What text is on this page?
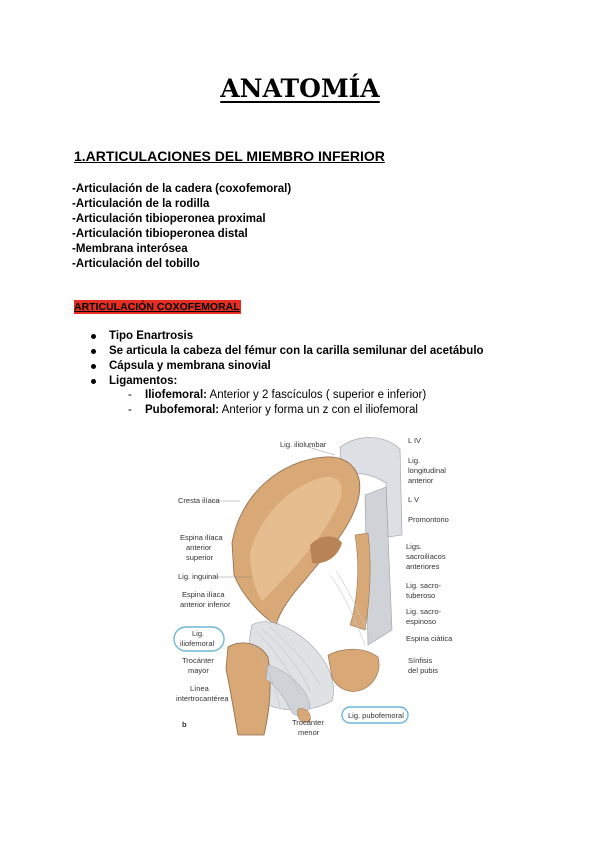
ANATOMÍA
1.ARTICULACIONES DEL MIEMBRO INFERIOR
-Articulación de la cadera (coxofemoral)
-Articulación de la rodilla
-Articulación tibioperonea proximal
-Articulación tibioperonea distal
-Membrana interósea
-Articulación del tobillo
ARTICULACIÓN COXOFEMORAL
Tipo Enartrosis
Se articula la cabeza del fémur con la carilla semilunar del acetábulo
Cápsula y membrana sinovial
Ligamentos:
- Iliofemoral: Anterior y 2 fascículos ( superior e inferior)
- Pubofemoral: Anterior y forma un z con el iliofemoral
Lig. iliolumbar	L IV
Lig.
longitudinal
anterior
L V
Promontorio
Cresta ilíaca
Espina ilíaca
anterior
superior
Lig. inguinal
Ligs.
sacroilíacos
anteriores
Lig. sacro-
tuberoso
Espina ilíaca
anterior inferior
Lig. sacro-
espinoso
Lig.
iliofemoral
Espina ciática
Trocánter
mayor
Sínfisis
del pubis
Línea
intertrocantérea
b	Trocánter
menor
Lig. pubofemoral
